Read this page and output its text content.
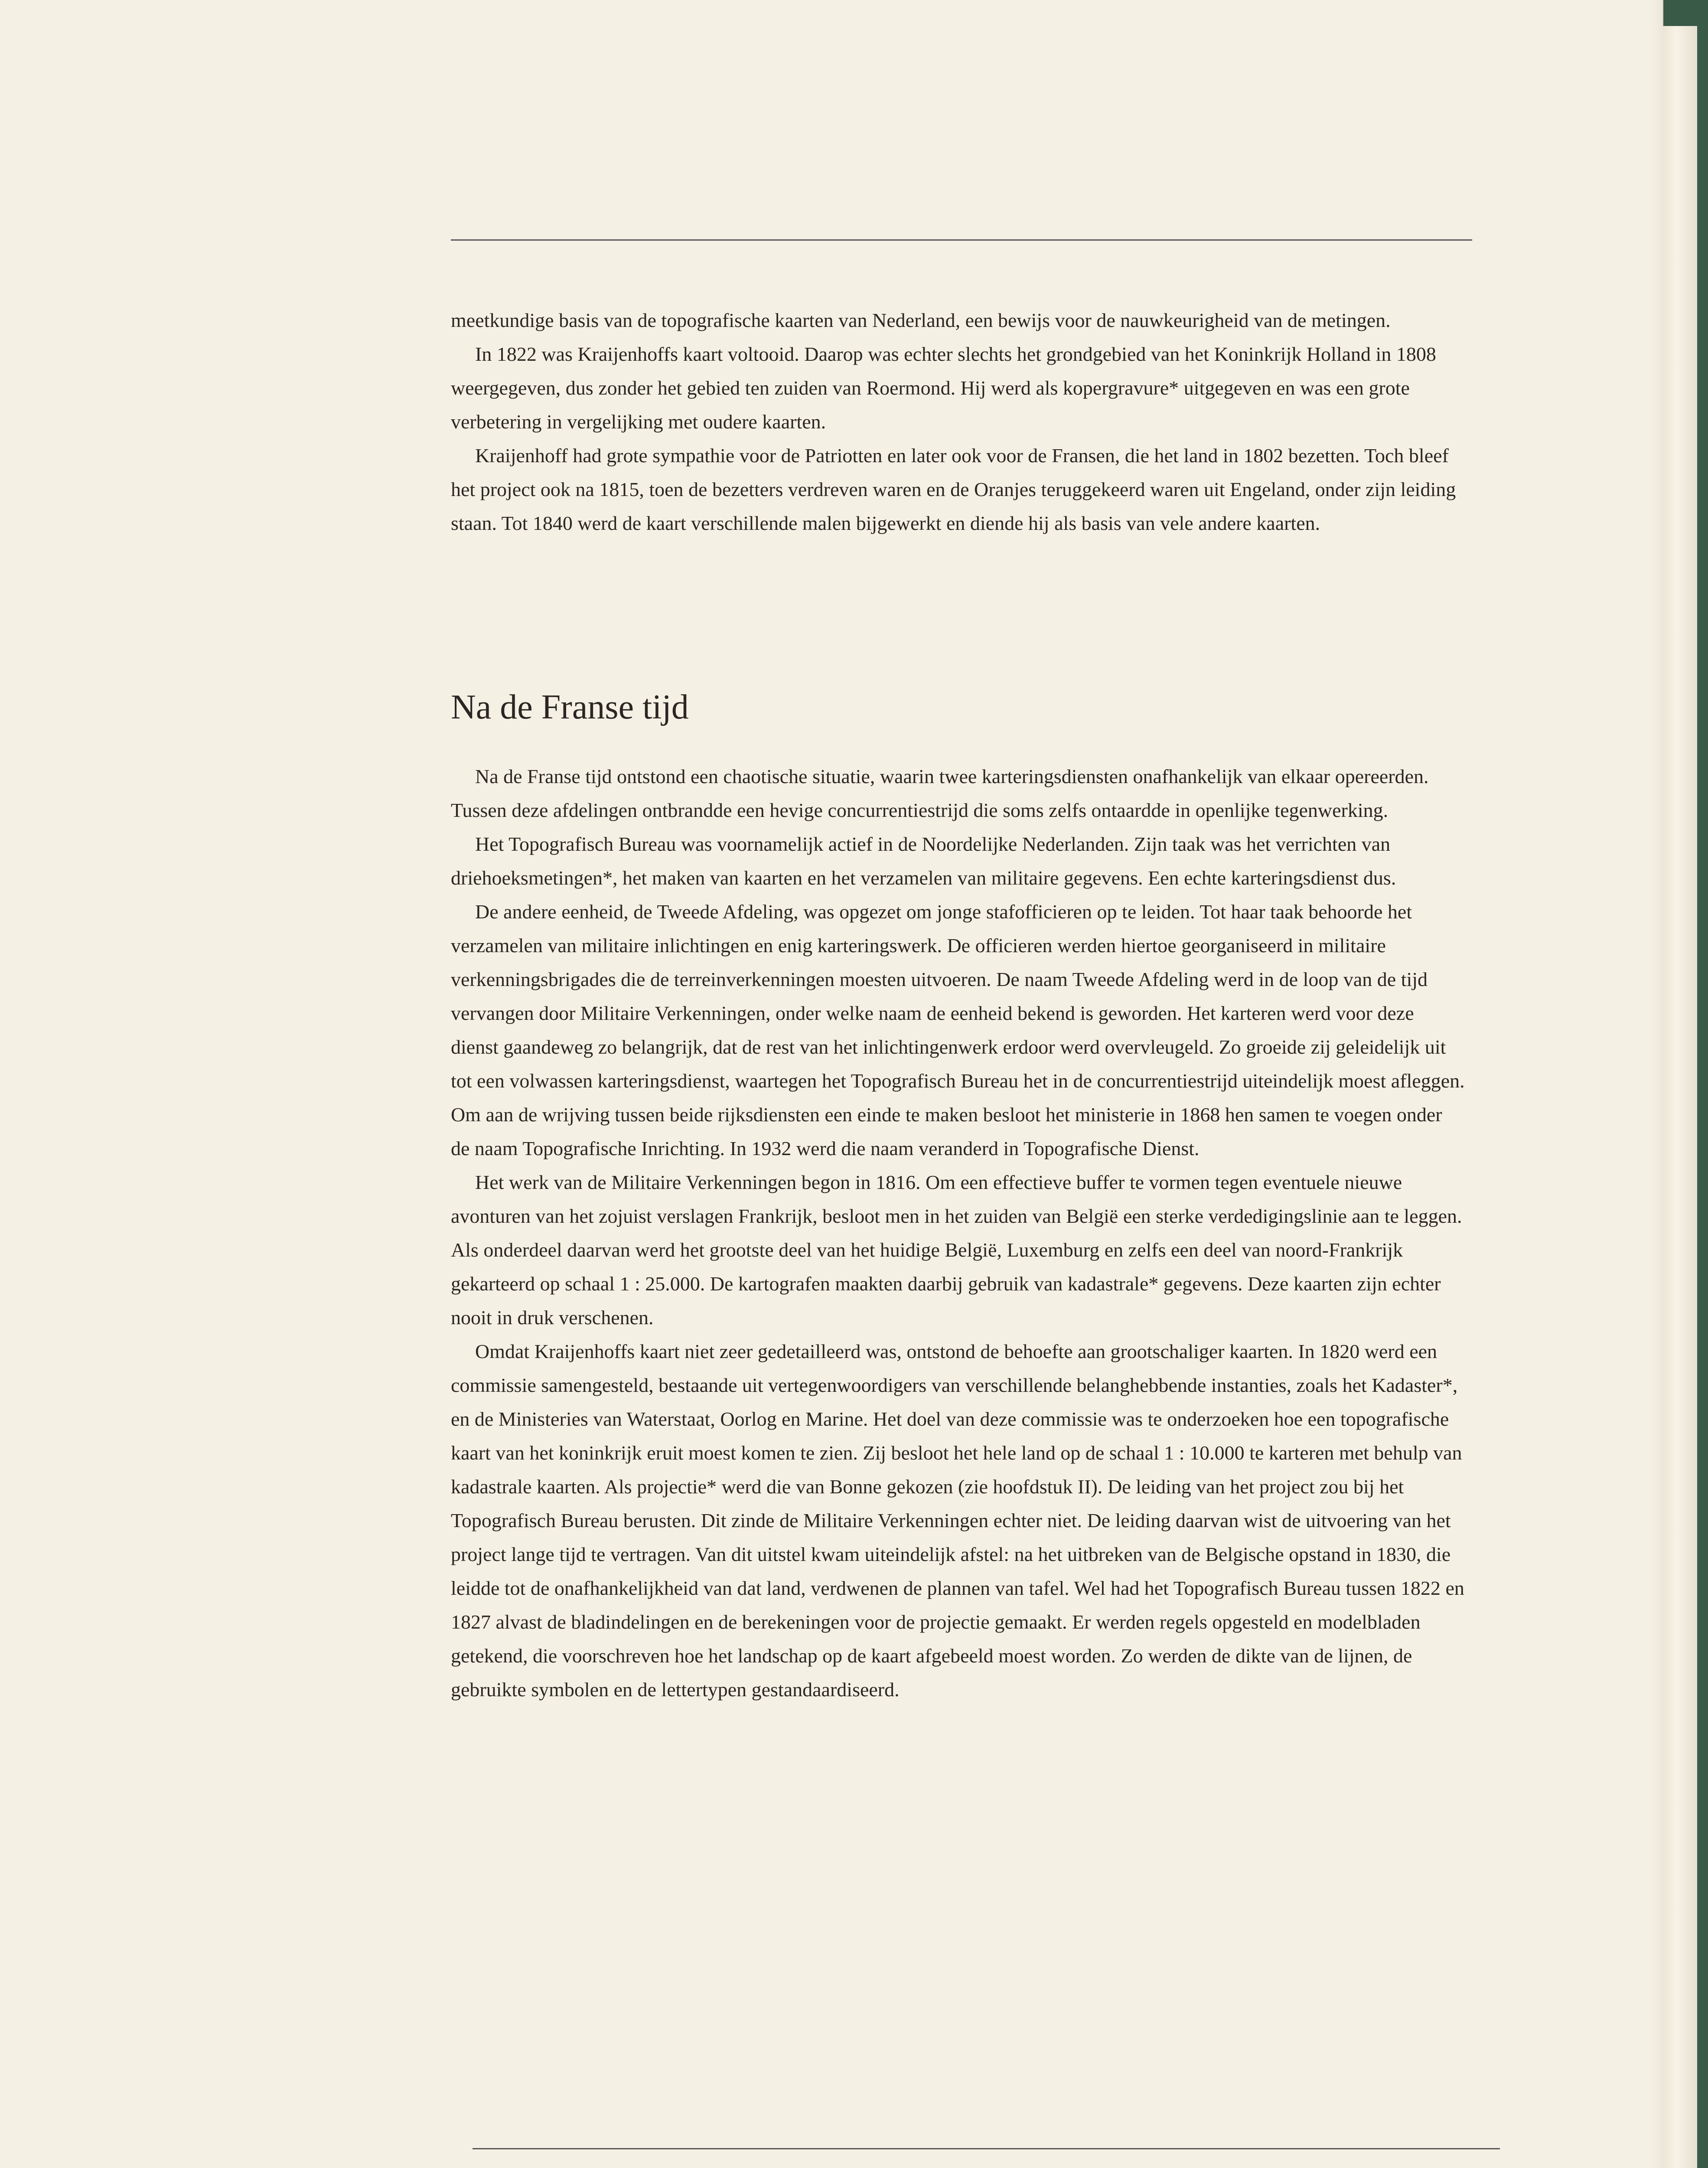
meetkundige basis van de topografische kaarten van Nederland, een bewijs voor de nauwkeurigheid van de metingen.

In 1822 was Kraijenhoffs kaart voltooid. Daarop was echter slechts het grondgebied van het Koninkrijk Holland in 1808 weergegeven, dus zonder het gebied ten zuiden van Roermond. Hij werd als kopergravure* uitgegeven en was een grote verbetering in vergelijking met oudere kaarten.

Kraijenhoff had grote sympathie voor de Patriotten en later ook voor de Fransen, die het land in 1802 bezetten. Toch bleef het project ook na 1815, toen de bezetters verdreven waren en de Oranjes teruggekeerd waren uit Engeland, onder zijn leiding staan. Tot 1840 werd de kaart verschillende malen bijgewerkt en diende hij als basis van vele andere kaarten.

Na de Franse tijd

Na de Franse tijd ontstond een chaotische situatie, waarin twee karteringsdiensten onafhankelijk van elkaar opereerden. Tussen deze afdelingen ontbrandde een hevige concurrentiestrijd die soms zelfs ontaardde in openlijke tegenwerking.

Het Topografisch Bureau was voornamelijk actief in de Noordelijke Nederlanden. Zijn taak was het verrichten van driehoeksmetingen*, het maken van kaarten en het verzamelen van militaire gegevens. Een echte karteringsdienst dus.

De andere eenheid, de Tweede Afdeling, was opgezet om jonge stafofficieren op te leiden. Tot haar taak behoorde het verzamelen van militaire inlichtingen en enig karteringswerk. De officieren werden hiertoe georganiseerd in militaire verkenningsbrigades die de terreinverkenningen moesten uitvoeren. De naam Tweede Afdeling werd in de loop van de tijd vervangen door Militaire Verkenningen, onder welke naam de eenheid bekend is geworden. Het karteren werd voor deze dienst gaandeweg zo belangrijk, dat de rest van het inlichtingenwerk erdoor werd overvleugeld. Zo groeide zij geleidelijk uit tot een volwassen karteringsdienst, waartegen het Topografisch Bureau het in de concurrentiestrijd uiteindelijk moest afleggen. Om aan de wrijving tussen beide rijksdiensten een einde te maken besloot het ministerie in 1868 hen samen te voegen onder de naam Topografische Inrichting. In 1932 werd die naam veranderd in Topografische Dienst.

Het werk van de Militaire Verkenningen begon in 1816. Om een effectieve buffer te vormen tegen eventuele nieuwe avonturen van het zojuist verslagen Frankrijk, besloot men in het zuiden van België een sterke verdedigingslinie aan te leggen. Als onderdeel daarvan werd het grootste deel van het huidige België, Luxemburg en zelfs een deel van noord-Frankrijk gekarteerd op schaal 1 : 25.000. De kartografen maakten daarbij gebruik van kadastrale* gegevens. Deze kaarten zijn echter nooit in druk verschenen.

Omdat Kraijenhoffs kaart niet zeer gedetailleerd was, ontstond de behoefte aan grootschaliger kaarten. In 1820 werd een commissie samengesteld, bestaande uit vertegenwoordigers van verschillende belanghebbende instanties, zoals het Kadaster*, en de Ministeries van Waterstaat, Oorlog en Marine. Het doel van deze commissie was te onderzoeken hoe een topografische kaart van het koninkrijk eruit moest komen te zien. Zij besloot het hele land op de schaal 1 : 10.000 te karteren met behulp van kadastrale kaarten. Als projectie* werd die van Bonne gekozen (zie hoofdstuk II). De leiding van het project zou bij het Topografisch Bureau berusten. Dit zinde de Militaire Verkenningen echter niet. De leiding daarvan wist de uitvoering van het project lange tijd te vertragen. Van dit uitstel kwam uiteindelijk afstel: na het uitbreken van de Belgische opstand in 1830, die leidde tot de onafhankelijkheid van dat land, verdwenen de plannen van tafel. Wel had het Topografisch Bureau tussen 1822 en 1827 alvast de bladindelingen en de berekeningen voor de projectie gemaakt. Er werden regels opgesteld en modelbladen getekend, die voorschreven hoe het landschap op de kaart afgebeeld moest worden. Zo werden de dikte van de lijnen, de gebruikte symbolen en de lettertypen gestandaardiseerd.
